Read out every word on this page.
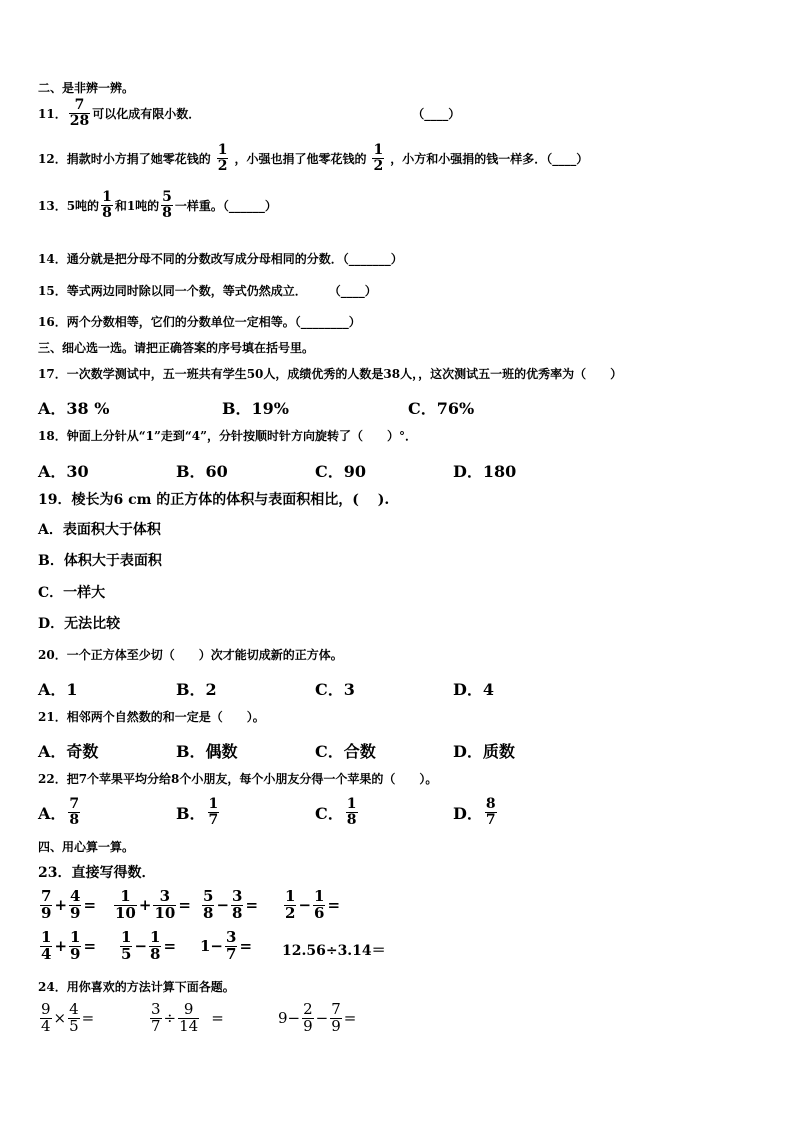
二、是非辨一辨。
11． $\frac{7}{28}$ 可以化成有限小数．	（____）
12． 捐款时小方捐了她零花钱的 $\frac{1}{2}$ ，小强也捐了他零花钱的 $\frac{1}{2}$ ，小方和小强捐的钱一样多．（____）
13． 5吨的 $\frac{1}{8}$ 和1吨的 $\frac{5}{8}$ 一样重。（______）
14． 通分就是把分母不同的分数改写成分母相同的分数．（_______）
15． 等式两边同时除以同一个数，等式仍然成立． （____）
16． 两个分数相等，它们的分数单位一定相等。（________）
三、细心选一选。请把正确答案的序号填在括号里。
17． 一次数学测试中，五一班共有学生50人，成绩优秀的人数是38人，，这次测试五一班的优秀率为（　　）
A．38 %	B．19%	C．76%
18． 钟面上分针从“1”走到“4”，分针按顺时针方向旋转了（　　）°．
A．30	B．60	C．90	D．180
19． 棱长为6 cm 的正方体的体积与表面积相比，(　 ).
A．表面积大于体积
B．体积大于表面积
C．一样大
D．无法比较
20． 一个正方体至少切（　　）次才能切成新的正方体。
A．1	B．2	C．3	D．4
21． 相邻两个自然数的和一定是（　　）。
A．奇数	B．偶数	C．合数	D．质数
22． 把7个苹果平均分给8个小朋友，每个小朋友分得一个苹果的（　　）。
A． $\frac{7}{8}$	B． $\frac{1}{7}$	C． $\frac{1}{8}$	D． $\frac{8}{7}$
四、用心算一算。
23． 直接写得数．
$\frac{7}{9} + \frac{4}{9} = \frac{1}{10} + \frac{3}{10} = \frac{5}{8} - \frac{3}{8} = \frac{1}{2} - \frac{1}{6}$ =
$\frac{1}{4} + \frac{1}{9} = \frac{1}{5} - \frac{1}{8} = 1- \frac{3}{7} = 12.56\div 3.14=$
24． 用你喜欢的方法计算下面各题。
$\frac{9}{4} \times \frac{4}{5}$ =	$\frac{3}{7} \div \frac{9}{14}$ =	$9- \frac{2}{9} - \frac{7}{9}$ =
